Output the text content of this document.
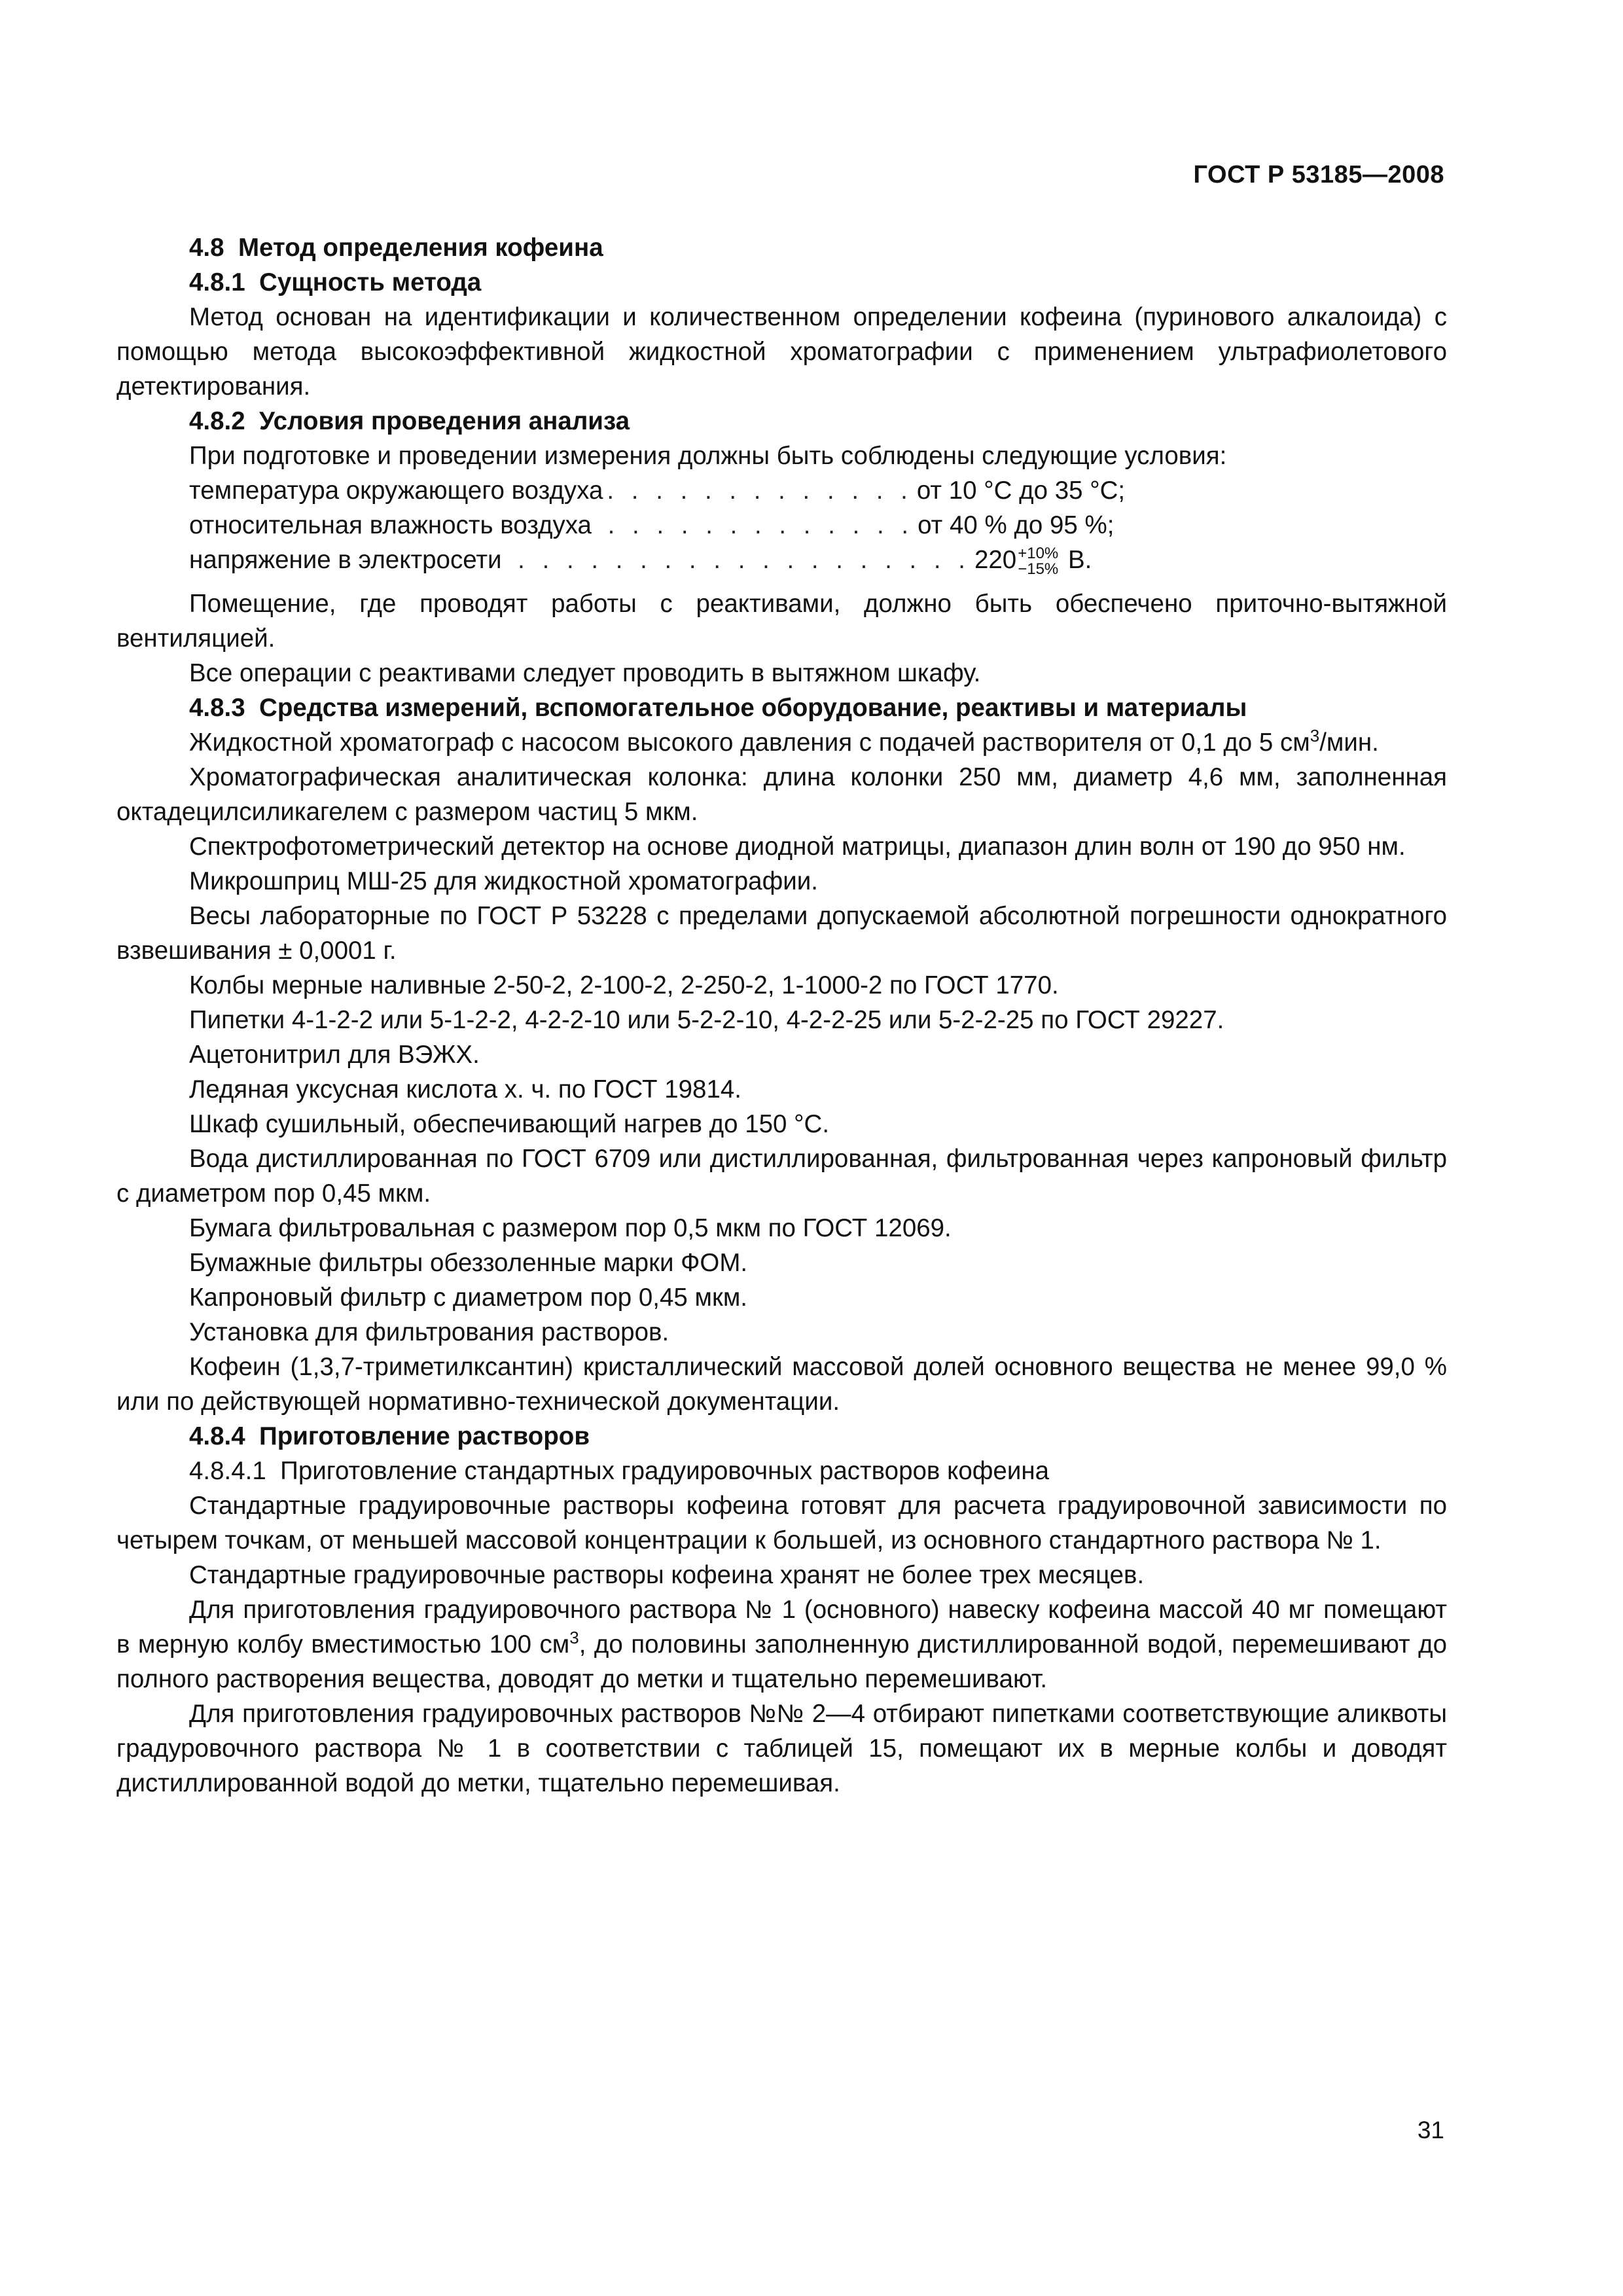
ГОСТ Р 53185—2008

4.8 Метод определения кофеина

4.8.1 Сущность метода

Метод основан на идентификации и количественном определении кофеина (пуринового алкалоида) с помощью метода высокоэффективной жидкостной хроматографии с применением ультрафиолетового детектирования.

4.8.2 Условия проведения анализа

При подготовке и проведении измерения должны быть соблюдены следующие условия:

температура окружающего воздуха . . . . . . . . . . . . . от 10 °С до 35 °С;
относительная влажность воздуха . . . . . . . . . . . . . от 40 % до 95 %;
напряжение в электросети . . . . . . . . . . . . . . . . . . . 220 +10%
−15% В.

Помещение, где проводят работы с реактивами, должно быть обеспечено приточно-вытяжной вентиляцией.

Все операции с реактивами следует проводить в вытяжном шкафу.

4.8.3 Средства измерений, вспомогательное оборудование, реактивы и материалы

Жидкостной хроматограф с насосом высокого давления с подачей растворителя от 0,1 до 5 $см^3$/мин.

Хроматографическая аналитическая колонка: длина колонки 250 мм, диаметр 4,6 мм, заполненная октадецилсиликагелем с размером частиц 5 мкм.

Спектрофотометрический детектор на основе диодной матрицы, диапазон длин волн от 190 до 950 нм.

Микрошприц МШ-25 для жидкостной хроматографии.

Весы лабораторные по ГОСТ Р 53228 с пределами допускаемой абсолютной погрешности однократного взвешивания ± 0,0001 г.

Колбы мерные наливные 2-50-2, 2-100-2, 2-250-2, 1-1000-2 по ГОСТ 1770.

Пипетки 4-1-2-2 или 5-1-2-2, 4-2-2-10 или 5-2-2-10, 4-2-2-25 или 5-2-2-25 по ГОСТ 29227.

Ацетонитрил для ВЭЖХ.

Ледяная уксусная кислота х. ч. по ГОСТ 19814.

Шкаф сушильный, обеспечивающий нагрев до 150 °С.

Вода дистиллированная по ГОСТ 6709 или дистиллированная, фильтрованная через капроновый фильтр с диаметром пор 0,45 мкм.

Бумага фильтровальная с размером пор 0,5 мкм по ГОСТ 12069.

Бумажные фильтры обеззоленные марки ФОМ.

Капроновый фильтр с диаметром пор 0,45 мкм.

Установка для фильтрования растворов.

Кофеин (1,3,7-триметилксантин) кристаллический массовой долей основного вещества не менее 99,0 % или по действующей нормативно-технической документации.

4.8.4 Приготовление растворов

4.8.4.1 Приготовление стандартных градуировочных растворов кофеина

Стандартные градуировочные растворы кофеина готовят для расчета градуировочной зависимости по четырем точкам, от меньшей массовой концентрации к большей, из основного стандартного раствора № 1.

Стандартные градуировочные растворы кофеина хранят не более трех месяцев.

Для приготовления градуировочного раствора № 1 (основного) навеску кофеина массой 40 мг помещают в мерную колбу вместимостью 100 $см^3$, до половины заполненную дистиллированной водой, перемешивают до полного растворения вещества, доводят до метки и тщательно перемешивают.

Для приготовления градуировочных растворов №№ 2—4 отбирают пипетками соответствующие аликвоты градуровочного раствора № 1 в соответствии с таблицей 15, помещают их в мерные колбы и доводят дистиллированной водой до метки, тщательно перемешивая.

31
